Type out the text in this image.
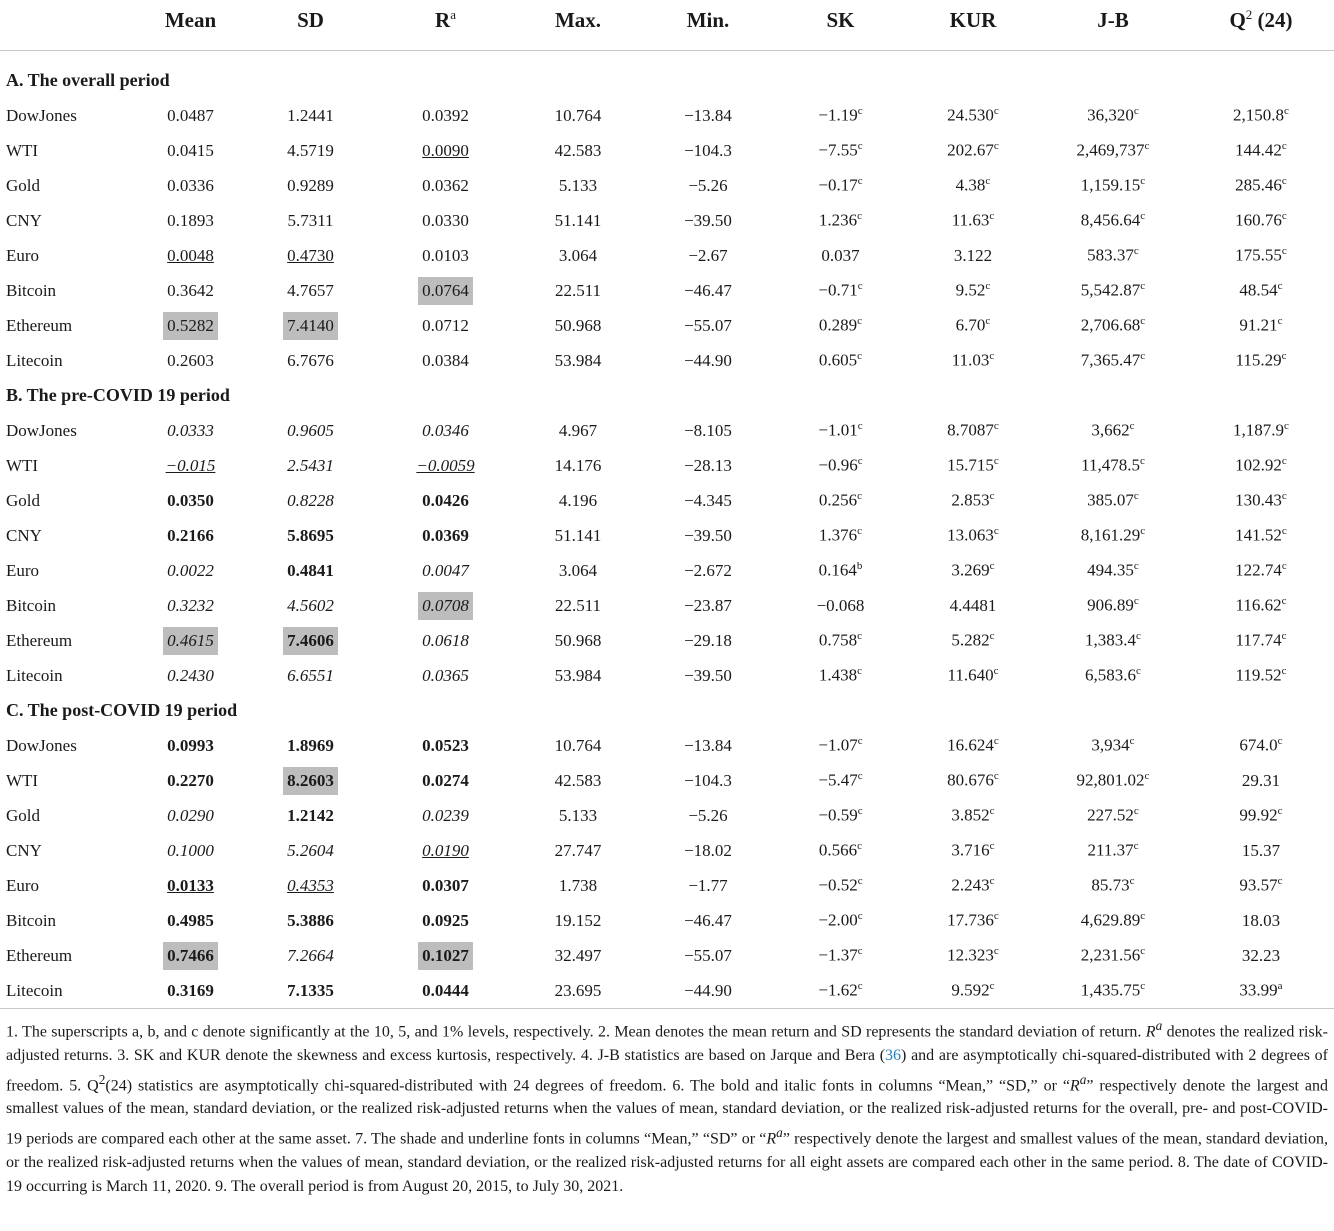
	Mean	SD	$R^a$	Max.	Min.	SK	KUR	J-B	$Q^2$ (24)

A. The overall period									
DowJones	0.0487	1.2441	0.0392	10.764	−13.84	−1.19$^c$	24.530$^c$	36,320$^c$	2,150.8$^c$
WTI	0.0415	4.5719	0.0090	42.583	−104.3	−7.55$^c$	202.67$^c$	2,469,737$^c$	144.42$^c$
Gold	0.0336	0.9289	0.0362	5.133	−5.26	−0.17$^c$	4.38$^c$	1,159.15$^c$	285.46$^c$
CNY	0.1893	5.7311	0.0330	51.141	−39.50	1.236$^c$	11.63$^c$	8,456.64$^c$	160.76$^c$
Euro	0.0048	0.4730	0.0103	3.064	−2.67	0.037	3.122	583.37$^c$	175.55$^c$
Bitcoin	0.3642	4.7657	0.0764	22.511	−46.47	−0.71$^c$	9.52$^c$	5,542.87$^c$	48.54$^c$
Ethereum	0.5282	7.4140	0.0712	50.968	−55.07	0.289$^c$	6.70$^c$	2,706.68$^c$	91.21$^c$
Litecoin	0.2603	6.7676	0.0384	53.984	−44.90	0.605$^c$	11.03$^c$	7,365.47$^c$	115.29$^c$
B. The pre-COVID 19 period									
DowJones	0.0333	0.9605	0.0346	4.967	−8.105	−1.01$^c$	8.7087$^c$	3,662$^c$	1,187.9$^c$
WTI	−0.015	2.5431	−0.0059	14.176	−28.13	−0.96$^c$	15.715$^c$	11,478.5$^c$	102.92$^c$
Gold	0.0350	0.8228	0.0426	4.196	−4.345	0.256$^c$	2.853$^c$	385.07$^c$	130.43$^c$
CNY	0.2166	5.8695	0.0369	51.141	−39.50	1.376$^c$	13.063$^c$	8,161.29$^c$	141.52$^c$
Euro	0.0022	0.4841	0.0047	3.064	−2.672	0.164$^b$	3.269$^c$	494.35$^c$	122.74$^c$
Bitcoin	0.3232	4.5602	0.0708	22.511	−23.87	−0.068	4.4481	906.89$^c$	116.62$^c$
Ethereum	0.4615	7.4606	0.0618	50.968	−29.18	0.758$^c$	5.282$^c$	1,383.4$^c$	117.74$^c$
Litecoin	0.2430	6.6551	0.0365	53.984	−39.50	1.438$^c$	11.640$^c$	6,583.6$^c$	119.52$^c$
C. The post-COVID 19 period									
DowJones	0.0993	1.8969	0.0523	10.764	−13.84	−1.07$^c$	16.624$^c$	3,934$^c$	674.0$^c$
WTI	0.2270	8.2603	0.0274	42.583	−104.3	−5.47$^c$	80.676$^c$	92,801.02$^c$	29.31
Gold	0.0290	1.2142	0.0239	5.133	−5.26	−0.59$^c$	3.852$^c$	227.52$^c$	99.92$^c$
CNY	0.1000	5.2604	0.0190	27.747	−18.02	0.566$^c$	3.716$^c$	211.37$^c$	15.37
Euro	0.0133	0.4353	0.0307	1.738	−1.77	−0.52$^c$	2.243$^c$	85.73$^c$	93.57$^c$
Bitcoin	0.4985	5.3886	0.0925	19.152	−46.47	−2.00$^c$	17.736$^c$	4,629.89$^c$	18.03
Ethereum	0.7466	7.2664	0.1027	32.497	−55.07	−1.37$^c$	12.323$^c$	2,231.56$^c$	32.23
Litecoin	0.3169	7.1335	0.0444	23.695	−44.90	−1.62$^c$	9.592$^c$	1,435.75$^c$	33.99$^a$
1. The superscripts a, b, and c denote significantly at the 10, 5, and 1% levels, respectively. 2. Mean denotes the mean return and SD represents the standard deviation of return. $R^a$ denotes the realized risk-adjusted returns. 3. SK and KUR denote the skewness and excess kurtosis, respectively. 4. J-B statistics are based on Jarque and Bera (36) and are asymptotically chi-squared-distributed with 2 degrees of freedom. 5. $Q^2(24)$ statistics are asymptotically chi-squared-distributed with 24 degrees of freedom. 6. The bold and italic fonts in columns “Mean,” “SD,” or “$R^a$” respectively denote the largest and smallest values of the mean, standard deviation, or the realized risk-adjusted returns when the values of mean, standard deviation, or the realized risk-adjusted returns for the overall, pre- and post-COVID-19 periods are compared each other at the same asset. 7. The shade and underline fonts in columns “Mean,” “SD” or “$R^a$” respectively denote the largest and smallest values of the mean, standard deviation, or the realized risk-adjusted returns when the values of mean, standard deviation, or the realized risk-adjusted returns for all eight assets are compared each other in the same period. 8. The date of COVID-19 occurring is March 11, 2020. 9. The overall period is from August 20, 2015, to July 30, 2021.
